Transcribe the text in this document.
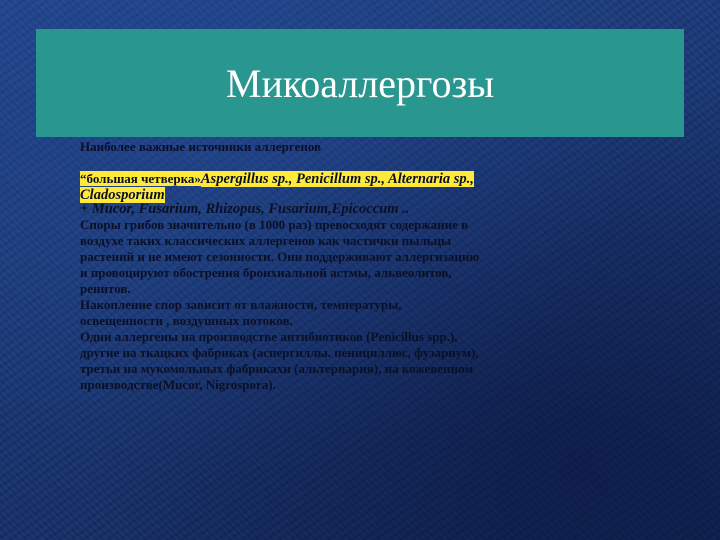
Микоаллергозы
Наиболее важные источники аллергенов
“большая четверка»Aspergillus sp., Penicillum sp., Alternaria sp.,
Cladosporium
+ Mucor, Fusarium, Rhizopus, Fusarium,Epicoccum ..
Споры грибов значительно (в 1000 раз) превосходят содержание в
воздухе таких классических аллергенов как частички пыльцы
растений и не имеют сезонности. Они поддерживают аллергизацию
и провоцируют обострения бронхиальной астмы, альвеолитов,
ренитов.
Накопление спор зависит от влажности, температуры,
освещенности , воздушных потоков.
Одни аллергены на производстве антибиотиков (Penicillus spp.),
другие на ткацких фабриках (аспергиллы. пенициллюс, фузариум),
третьи на мукомольных фабрикахи (альтернария), на кожевенном
производстве(Mucor, Nigrospora).
